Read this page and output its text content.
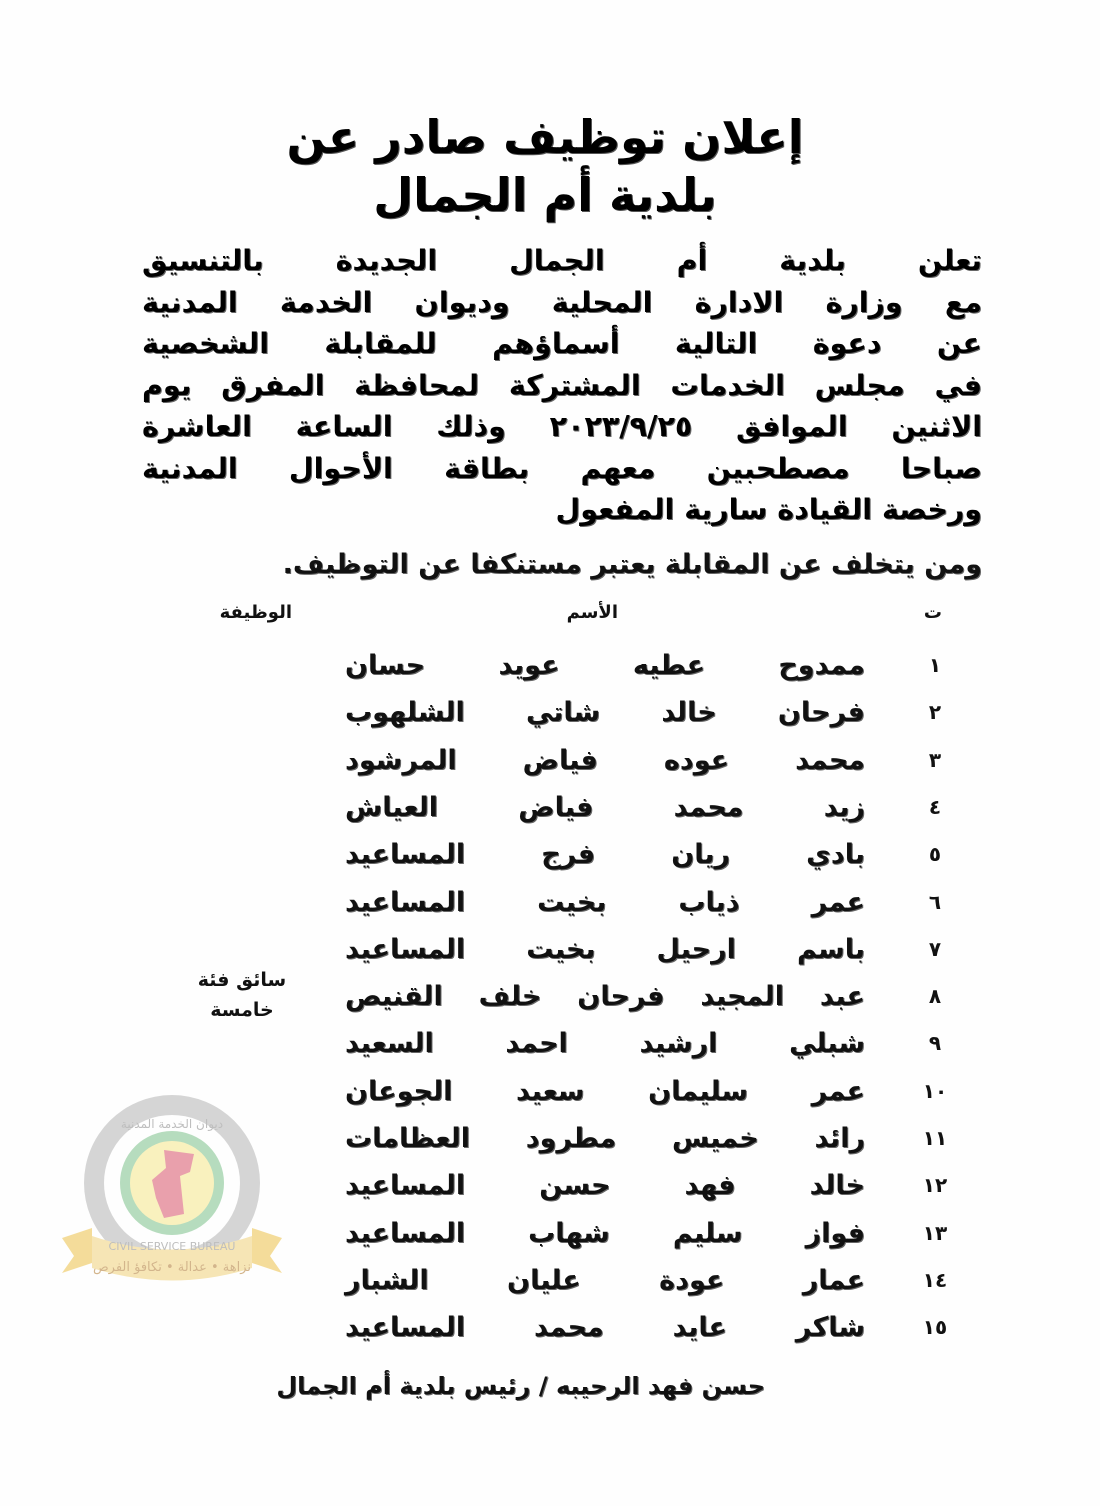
إعلان توظيف صادر عن
بلدية أم الجمال
تعلن بلدية أم الجمال الجديدة بالتنسيق
مع وزارة الادارة المحلية وديوان الخدمة المدنية
عن دعوة التالية أسماؤهم للمقابلة الشخصية
في مجلس الخدمات المشتركة لمحافظة المفرق يوم
الاثنين الموافق ٢٠٢٣/٩/٢٥ وذلك الساعة العاشرة
صباحا مصطحبين معهم بطاقة الأحوال المدنية
ورخصة القيادة سارية المفعول
ومن يتخلف عن المقابلة يعتبر مستنكفا عن التوظيف.
ت
الأسم
الوظيفة
١
ممدوح عطيه عويد حسان
٢
فرحان خالد شاتي الشلهوب
٣
محمد عوده فياض المرشود
٤
زيد محمد فياض العياش
٥
بادي ريان فرج المساعيد
٦
عمر ذياب بخيت المساعيد
٧
باسم ارحيل بخيت المساعيد
٨
عبد المجيد فرحان خلف القنيص
٩
شبلي ارشيد احمد السعيد
١٠
عمر سليمان سعيد الجوعان
١١
رائد خميس مطرود العظامات
١٢
خالد فهد حسن المساعيد
١٣
فواز سليم شهاب المساعيد
١٤
عمار عودة عليان الشبار
١٥
شاكر عايد محمد المساعيد
سائق فئة
خامسة
حسن فهد الرحيبه / رئيس بلدية أم الجمال
نزاهة • عدالة • تكافؤ الفرص
ديوان الخدمة المدنية
CIVIL SERVICE BUREAU
